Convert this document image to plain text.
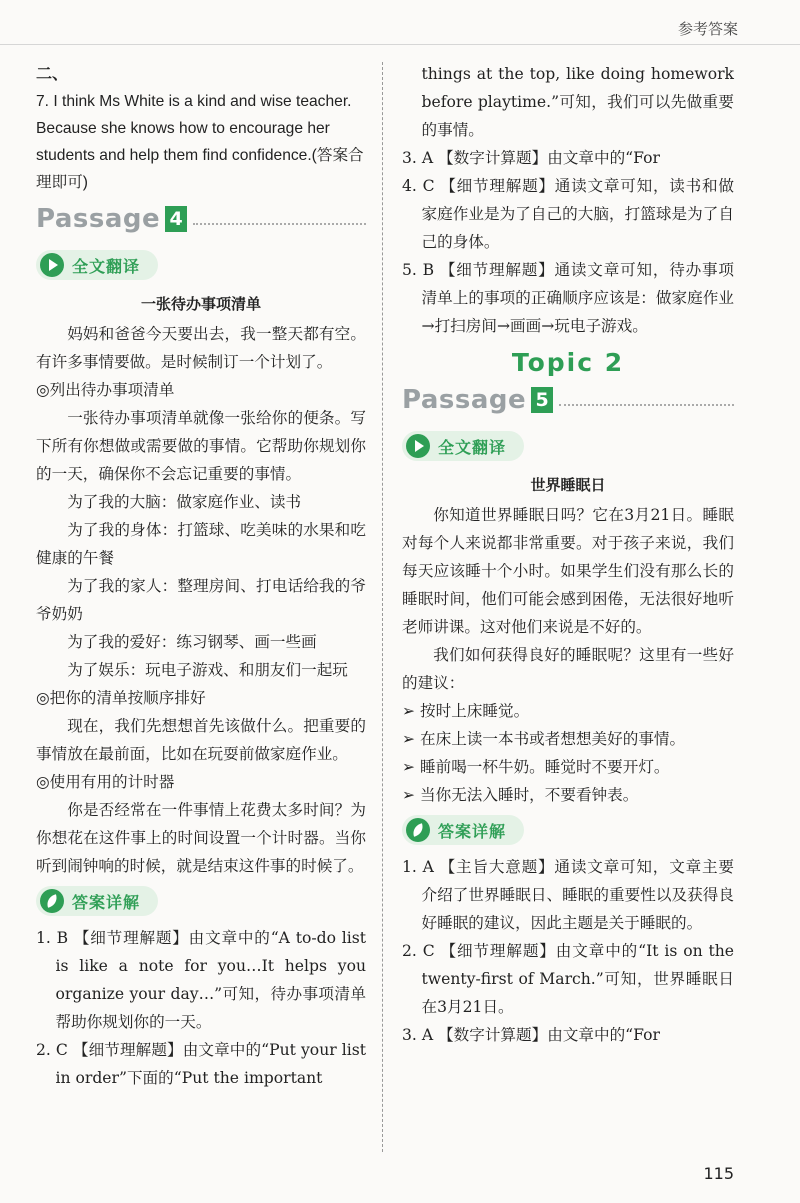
参考答案

二、

7. I think Ms White is a kind and wise teacher. Because she knows how to encourage her students and help them find confidence.(答案合理即可)

Passage 4
全文翻译

一张待办事项清单

妈妈和爸爸今天要出去，我一整天都有空。有许多事情要做。是时候制订一个计划了。

◎列出待办事项清单

一张待办事项清单就像一张给你的便条。写下所有你想做或需要做的事情。它帮助你规划你的一天，确保你不会忘记重要的事情。

为了我的大脑：做家庭作业、读书

为了我的身体：打篮球、吃美味的水果和吃健康的午餐

为了我的家人：整理房间、打电话给我的爷爷奶奶

为了我的爱好：练习钢琴、画一些画

为了娱乐：玩电子游戏、和朋友们一起玩

◎把你的清单按顺序排好

现在，我们先想想首先该做什么。把重要的事情放在最前面，比如在玩耍前做家庭作业。

◎使用有用的计时器

你是否经常在一件事情上花费太多时间？为你想花在这件事上的时间设置一个计时器。当你听到闹钟响的时候，就是结束这件事的时候了。

答案详解

1. B 【细节理解题】由文章中的“A to-do list is like a note for you…It helps you organize your day…”可知，待办事项清单帮助你规划你的一天。

2. C 【细节理解题】由文章中的“Put your list in order”下面的“Put the important

things at the top, like doing homework before playtime.”可知，我们可以先做重要的事情。

3. A 【数字计算题】由文章中的“For

4. C 【细节理解题】通读文章可知，读书和做家庭作业是为了自己的大脑，打篮球是为了自己的身体。

5. B 【细节理解题】通读文章可知，待办事项清单上的事项的正确顺序应该是：做家庭作业→打扫房间→画画→玩电子游戏。

Topic 2
Passage 5
全文翻译

世界睡眠日

你知道世界睡眠日吗？它在3月21日。睡眠对每个人来说都非常重要。对于孩子来说，我们每天应该睡十个小时。如果学生们没有那么长的睡眠时间，他们可能会感到困倦，无法很好地听老师讲课。这对他们来说是不好的。

我们如何获得良好的睡眠呢？这里有一些好的建议：

➢ 按时上床睡觉。

➢ 在床上读一本书或者想想美好的事情。

➢ 睡前喝一杯牛奶。睡觉时不要开灯。

➢ 当你无法入睡时，不要看钟表。

答案详解

1. A 【主旨大意题】通读文章可知，文章主要介绍了世界睡眠日、睡眠的重要性以及获得良好睡眠的建议，因此主题是关于睡眠的。

2. C 【细节理解题】由文章中的“It is on the twenty-first of March.”可知，世界睡眠日在3月21日。

3. A 【数字计算题】由文章中的“For

115
